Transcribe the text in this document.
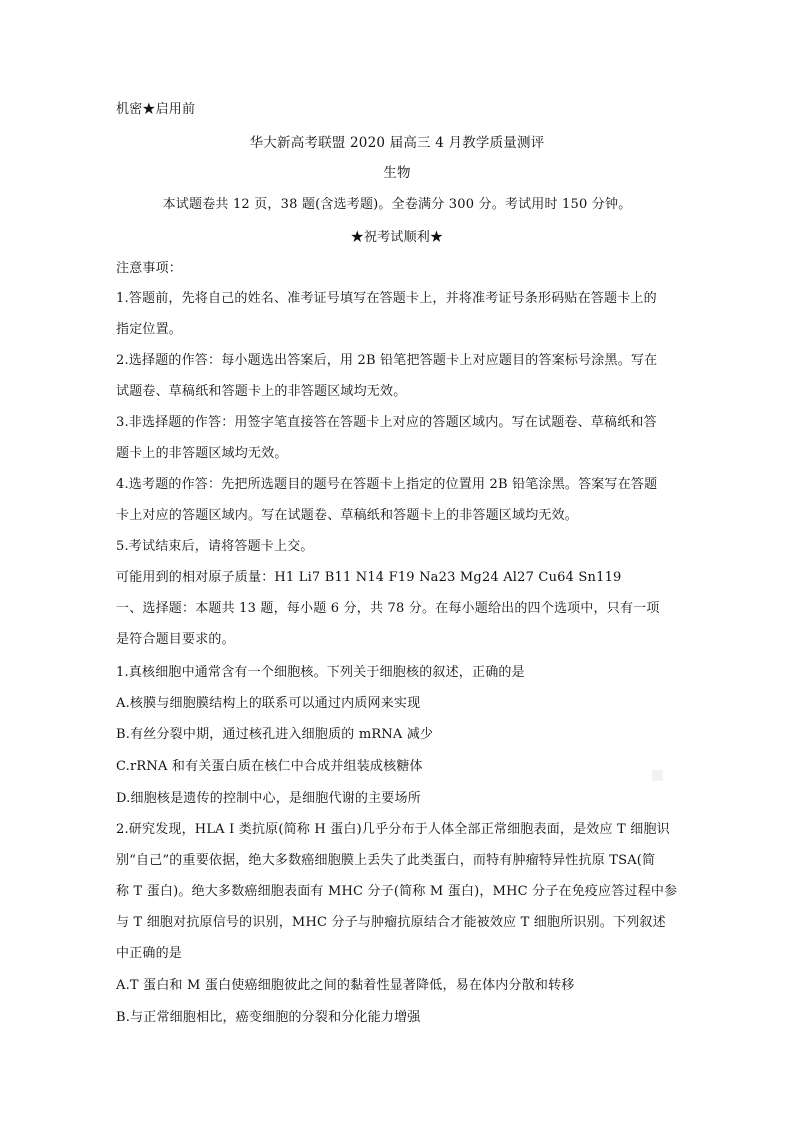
机密★启用前
华大新高考联盟 2020 届高三 4 月教学质量测评
生物
本试题卷共 12 页，38 题(含选考题)。全卷满分 300 分。考试用时 150 分钟。
★祝考试顺利★
注意事项：
1.答题前，先将自己的姓名、准考证号填写在答题卡上，并将准考证号条形码贴在答题卡上的
指定位置。
2.选择题的作答：每小题选出答案后，用 2B 铅笔把答题卡上对应题目的答案标号涂黑。写在
试题卷、草稿纸和答题卡上的非答题区域均无效。
3.非选择题的作答：用签字笔直接答在答题卡上对应的答题区域内。写在试题卷、草稿纸和答
题卡上的非答题区域均无效。
4.选考题的作答：先把所选题目的题号在答题卡上指定的位置用 2B 铅笔涂黑。答案写在答题
卡上对应的答题区域内。写在试题卷、草稿纸和答题卡上的非答题区域均无效。
5.考试结束后，请将答题卡上交。
可能用到的相对原子质量：H1 Li7 B11 N14 F19 Na23 Mg24 Al27 Cu64 Sn119
一、选择题：本题共 13 题，每小题 6 分，共 78 分。在每小题给出的四个选项中，只有一项
是符合题目要求的。
1.真核细胞中通常含有一个细胞核。下列关于细胞核的叙述，正确的是
A.核膜与细胞膜结构上的联系可以通过内质网来实现
B.有丝分裂中期，通过核孔进入细胞质的 mRNA 减少
C.rRNA 和有关蛋白质在核仁中合成并组装成核糖体
D.细胞核是遗传的控制中心，是细胞代谢的主要场所
2.研究发现，HLA I 类抗原(简称 H 蛋白)几乎分布于人体全部正常细胞表面，是效应 T 细胞识
别“自己”的重要依据，绝大多数癌细胞膜上丢失了此类蛋白，而特有肿瘤特异性抗原 TSA(简
称 T 蛋白)。绝大多数癌细胞表面有 MHC 分子(简称 M 蛋白)，MHC 分子在免疫应答过程中参
与 T 细胞对抗原信号的识别，MHC 分子与肿瘤抗原结合才能被效应 T 细胞所识别。下列叙述
中正确的是
A.T 蛋白和 M 蛋白使癌细胞彼此之间的黏着性显著降低，易在体内分散和转移
B.与正常细胞相比，癌变细胞的分裂和分化能力增强
▪
